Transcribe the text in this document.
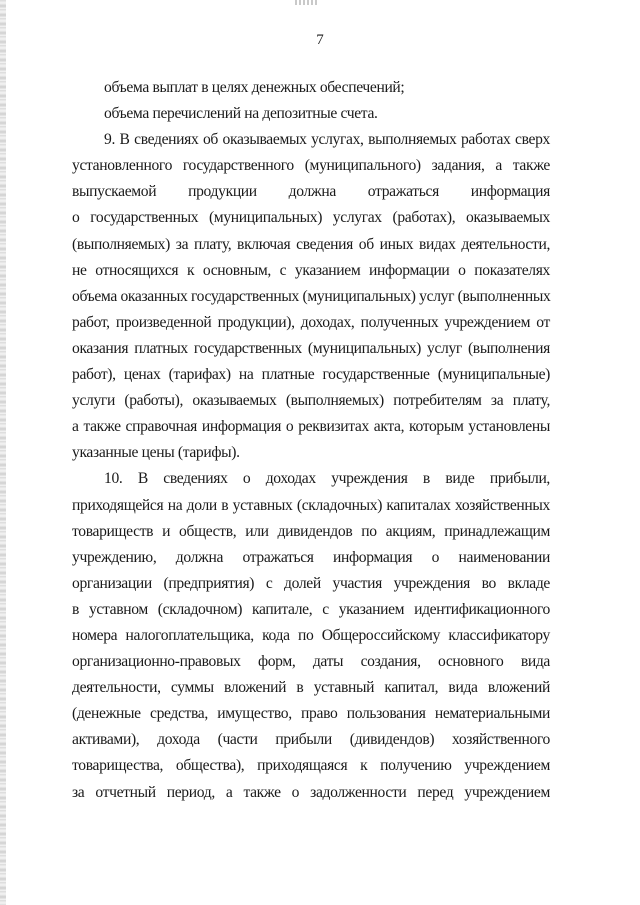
7
объема выплат в целях денежных обеспечений;
объема перечислений на депозитные счета.
9. В сведениях об оказываемых услугах, выполняемых работах сверх
установленного государственного (муниципального) задания, а также
выпускаемой продукции должна отражаться информация
о государственных (муниципальных) услугах (работах), оказываемых
(выполняемых) за плату, включая сведения об иных видах деятельности,
не относящихся к основным, с указанием информации о показателях
объема оказанных государственных (муниципальных) услуг (выполненных
работ, произведенной продукции), доходах, полученных учреждением от
оказания платных государственных (муниципальных) услуг (выполнения
работ), ценах (тарифах) на платные государственные (муниципальные)
услуги (работы), оказываемых (выполняемых) потребителям за плату,
а также справочная информация о реквизитах акта, которым установлены
указанные цены (тарифы).
10. В сведениях о доходах учреждения в виде прибыли,
приходящейся на доли в уставных (складочных) капиталах хозяйственных
товариществ и обществ, или дивидендов по акциям, принадлежащим
учреждению, должна отражаться информация о наименовании
организации (предприятия) с долей участия учреждения во вкладе
в уставном (складочном) капитале, с указанием идентификационного
номера налогоплательщика, кода по Общероссийскому классификатору
организационно-правовых форм, даты создания, основного вида
деятельности, суммы вложений в уставный капитал, вида вложений
(денежные средства, имущество, право пользования нематериальными
активами), дохода (части прибыли (дивидендов) хозяйственного
товарищества, общества), приходящаяся к получению учреждением
за отчетный период, а также о задолженности перед учреждением
